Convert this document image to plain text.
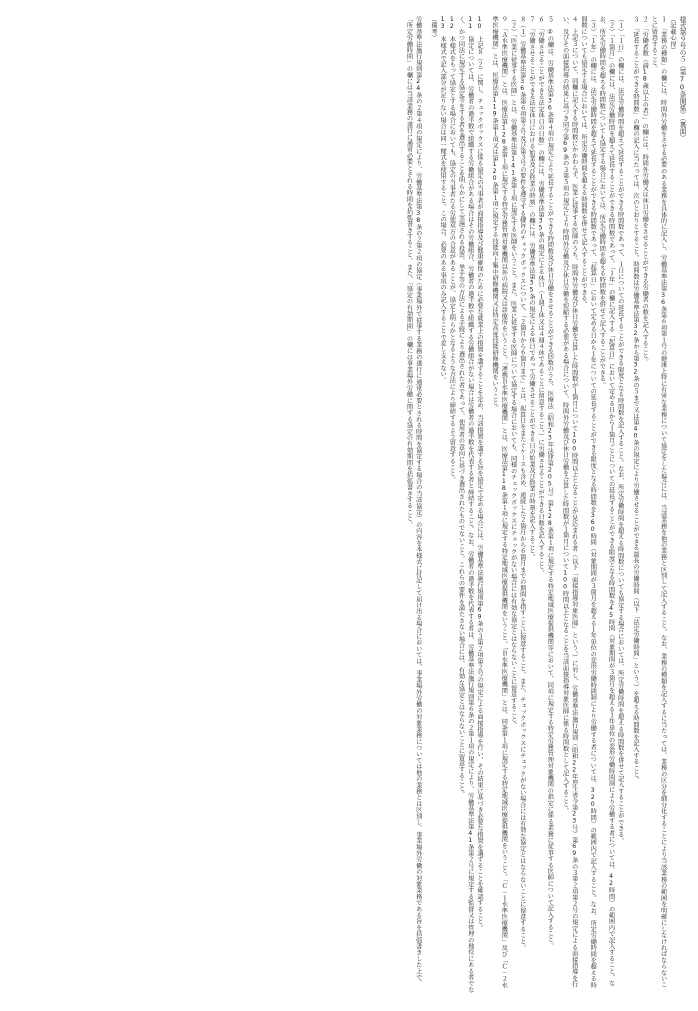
様式第９号の５（第70条関係）（裏面）

（記載心得）

１　「業務の種類」の欄には、時間外労働をさせる必要のある業務を具体的に記入し、労働基準法第36条第６項第１号の健康上特に有害な業務について協定をした場合には、当該業務を他の業務と区別して記入すること。なお、業務の種類を記入するに当たっては、業務の区分を細分化することにより当該業務の範囲を明確にしなければならないことに留意すること。

２　「労働者数（満18歳以上の者）」の欄には、時間外労働又は休日労働をさせることができる労働者の数を記入すること。

３　「延長することができる時間数」の欄の記入に当たっては、次のとおりとすること。時間数は労働基準法第32条から第32条の５まで又は第40条の規定により労働させることができる最長の労働時間（以下「法定労働時間」という。）を超える時間数を記入すること。

（１）「１日」の欄には、法定労働時間を超えて延長することができる時間数であって、１日についての延長することができる限度となる時間数を記入すること。なお、所定労働時間を超える時間数についても協定する場合においては、所定労働時間を超える時間数を併せて記入することができる。

（２）「１箇月」の欄には、法定労働時間を超えて延長することができる時間数であって、「１年」の欄に記入する「起算日」において定める日から１箇月ごとについての延長することができる限度となる時間数を45時間（対象期間が３箇月を超える１年単位の変形労働時間制により労働する者については、42時間）の範囲内で記入すること。なお、所定労働時間を超える時間数についても協定する場合においては、所定労働時間を超える時間数を併せて記入することができる。

（３）「１年」の欄には、法定労働時間を超えて延長することができる時間数であって、「起算日」において定める日から１年についての延長することができる限度となる時間数を360時間（対象期間が３箇月を超える１年単位の変形労働時間制により労働する者については、320時間）の範囲内で記入すること。なお、所定労働時間を超える時間数についても協定する場合においては、所定労働時間を超える時間数を併せて記入することができる。

４　上記３について、同欄に記入する時間数にかかわらず、医業に従事する医師のうち、時間外労働及び休日労働を合算した時間数が１箇月について100時間以上となることが見込まれる者（以下「面接指導対象医師」という。）に対し、労働基準法施行規則（昭和22年厚生省令第23号）第69条の３第２項第２号の規定による面接指導を行い、及びその面接指導の結果に基づき同令第69条の３第５項の規定により時間外労働及び休日労働を短縮する必要がある場合について、時間外労働及び休日労働を合算した時間数が１箇月について100時間以上となることを当該面接指導対象医師に係る時間数として記入すること。

５　②の欄は、労働基準法第36条第４項の規定により延長することができる時間数及び休日労働をさせることができる回数のうち、医療法（昭和23年法律第205号）第128条第１項に規定する特定地域医療提供機関等において、同項に規定する特定労務管理対象機関の指定に係る業務に従事する医師について記入すること。

６　「労働させることができる法定休日の日数」の欄には、労働基準法第35条の規定による休日（１週１休又は４週４休であることに留意すること。）に労働させることができる日数を記入すること。

７　「労働させることができる法定休日における始業及び終業の時刻」の欄には、労働基準法第35条の規定による休日であって労働させることができる日の始業及び終業の時刻を記入すること。

８（１）労働基準法第36条第６項第２号及び第３号の要件を遵守する趣旨のチェックボックスについて、「２箇月から６箇月まで」とは、起算日をまたぐケースも含め、連続した２箇月から６箇月までの期間を指すことに留意すること。また、チェックボックスにチェックがない場合には有効な協定とはならないことに留意すること。

（２）「医業に従事する医師」とは、労働基準法第141条第１項に規定する医師をいうこと。また、医業に従事する医師について協定する場合においても、同様のチェックボックスにチェックがない場合には有効な協定とはならないことに留意すること。

９　「Ａ水準医療機関」とは、医療法第128条第１項に規定する特定労務管理対象機関以外の病院又は診療所をいうこと。「連携Ｂ水準医療機関」とは、医療法第118条第１項に規定する特定地域医療提供機関をいうこと。「Ｂ水準医療機関」とは、同条第１項に規定する特定地域医療提供機関をいうこと。「Ｃ－１水準医療機関」及び「Ｃ－２水準医療機関」とは、医療法第119条第１項又は第120条第１項に規定する技能向上集中研修機関又は特定高度技能研修機関をいうこと。

10　上記８（２）に関し、チェックボックスに係る協定の当事者が面接指導及び健康確保のために必要な就業上の措置を講ずることを定め、当該措置を講ずる旨を協定で定める場合には、労働基準法施行規則第69条の３第２項第２号の規定による面接指導を行い、その結果に基づき必要な措置を講ずることを確認すること。

11　協定については、労働者の過半数で組織する労働組合がある場合はその労働組合、労働者の過半数で組織する労働組合がない場合は労働者の過半数を代表する者と締結すること。なお、労働者の過半数を代表する者は、労働基準法施行規則第６条の２第１項の規定により、労働基準法第41条第２号に規定する監督又は管理の地位にある者でなく、かつ同法に規定する協定等をする者を選出することを明らかにして実施される投票、挙手等の方法による手続により選出された者であって、使用者の意向に基づき選出されたものでないこと。これらの要件を満たさない場合には、有効な協定とはならないことに留意すること。

12　本様式をもって協定とする場合においても、協定の当事者たる労使双方の合意があることが、協定上明らかとなるような方法により締結するよう留意すること。

13　本様式で記入部分が足りない場合は同一様式を使用すること。この場合、必要のある事項のみ記入することで差し支えない。

（備考）

労働基準法施行規則第24条の２第４項の規定により、労働基準法第38条の２第２項の協定（事業場外で従事する業務の遂行に通常必要とされる時間を協定する場合の当該協定）の内容を本様式に付記して届け出る場合においては、事業場外労働の対象業務については他の業務とは区別し、事業場外労働の対象業務である旨を括弧書きした上で、「所定労働時間」の欄には当該業務の遂行に通常必要とされる時間を括弧書きすること。また、「協定の有効期間」の欄には事業場外労働に関する協定の有効期間を括弧書きすること。
